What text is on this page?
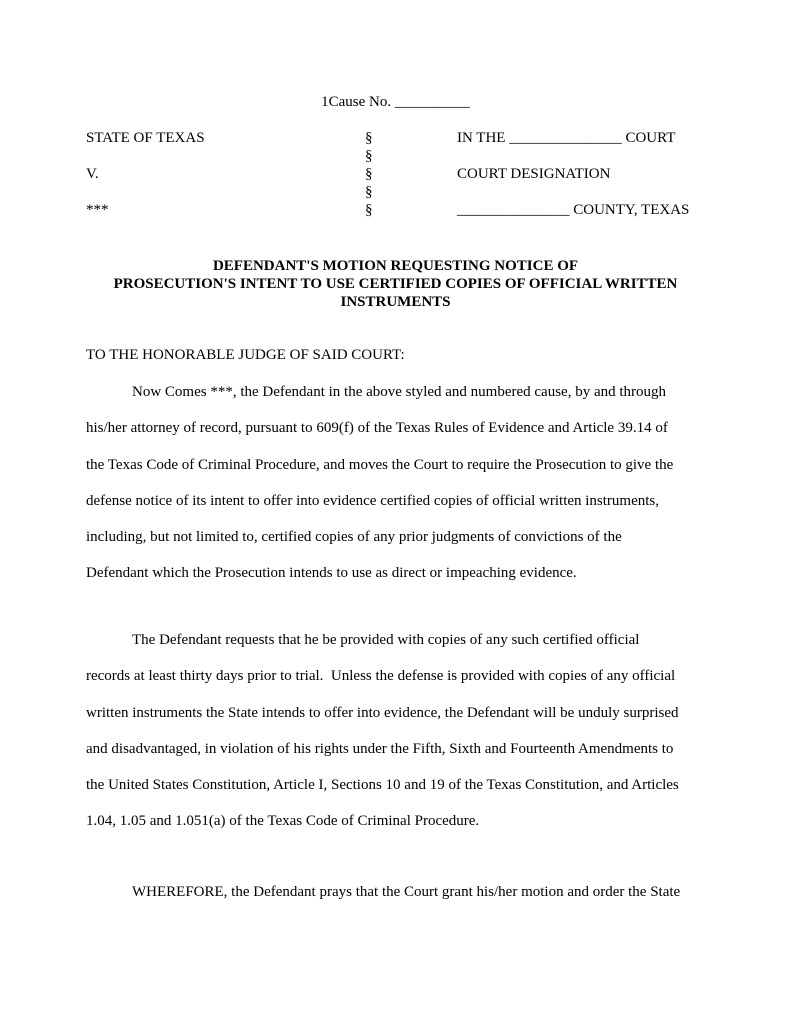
1Cause No. __________
STATE OF TEXAS
V.
***
§
§
§
§
§
IN THE _______________ COURT
COURT DESIGNATION
_______________ COUNTY, TEXAS
DEFENDANT'S MOTION REQUESTING NOTICE OF
PROSECUTION'S INTENT TO USE CERTIFIED COPIES OF OFFICIAL WRITTEN
INSTRUMENTS
TO THE HONORABLE JUDGE OF SAID COURT:
Now Comes ***, the Defendant in the above styled and numbered cause, by and through
his/her attorney of record, pursuant to 609(f) of the Texas Rules of Evidence and Article 39.14 of
the Texas Code of Criminal Procedure, and moves the Court to require the Prosecution to give the
defense notice of its intent to offer into evidence certified copies of official written instruments,
including, but not limited to, certified copies of any prior judgments of convictions of the
Defendant which the Prosecution intends to use as direct or impeaching evidence.
The Defendant requests that he be provided with copies of any such certified official
records at least thirty days prior to trial.  Unless the defense is provided with copies of any official
written instruments the State intends to offer into evidence, the Defendant will be unduly surprised
and disadvantaged, in violation of his rights under the Fifth, Sixth and Fourteenth Amendments to
the United States Constitution, Article I, Sections 10 and 19 of the Texas Constitution, and Articles
1.04, 1.05 and 1.051(a) of the Texas Code of Criminal Procedure.
WHEREFORE, the Defendant prays that the Court grant his/her motion and order the State
